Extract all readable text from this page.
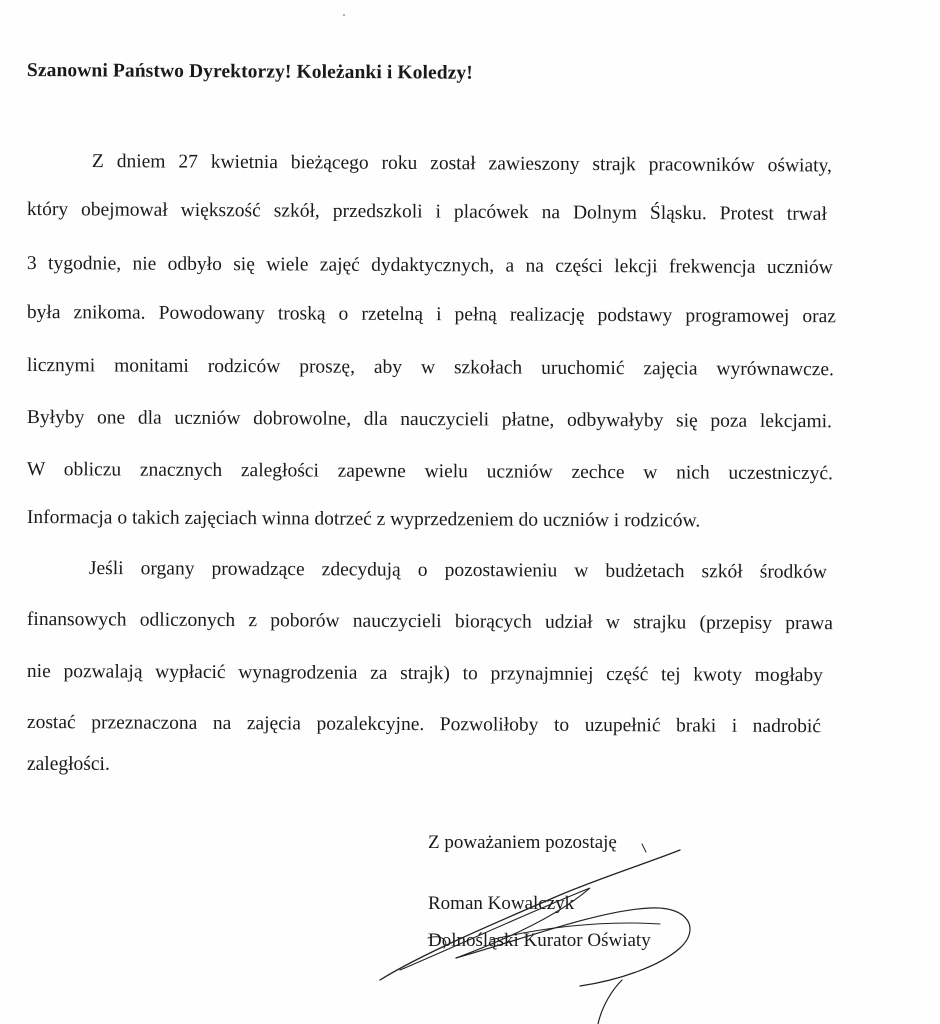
Szanowni Państwo Dyrektorzy! Koleżanki i Koledzy!
Z dniem 27 kwietnia bieżącego roku został zawieszony strajk pracowników oświaty,
który obejmował większość szkół, przedszkoli i placówek na Dolnym Śląsku. Protest trwał
3 tygodnie, nie odbyło się wiele zajęć dydaktycznych, a na części lekcji frekwencja uczniów
była znikoma. Powodowany troską o rzetelną i pełną realizację podstawy programowej oraz
licznymi monitami rodziców proszę, aby w szkołach uruchomić zajęcia wyrównawcze.
Byłyby one dla uczniów dobrowolne, dla nauczycieli płatne, odbywałyby się poza lekcjami.
W obliczu znacznych zaległości zapewne wielu uczniów zechce w nich uczestniczyć.
Informacja o takich zajęciach winna dotrzeć z wyprzedzeniem do uczniów i rodziców.
Jeśli organy prowadzące zdecydują o pozostawieniu w budżetach szkół środków
finansowych odliczonych z poborów nauczycieli biorących udział w strajku (przepisy prawa
nie pozwalają wypłacić wynagrodzenia za strajk) to przynajmniej część tej kwoty mogłaby
zostać przeznaczona na zajęcia pozalekcyjne. Pozwoliłoby to uzupełnić braki i nadrobić
zaległości.
Z poważaniem pozostaję
Roman Kowalczyk
Dolnośląski Kurator Oświaty
